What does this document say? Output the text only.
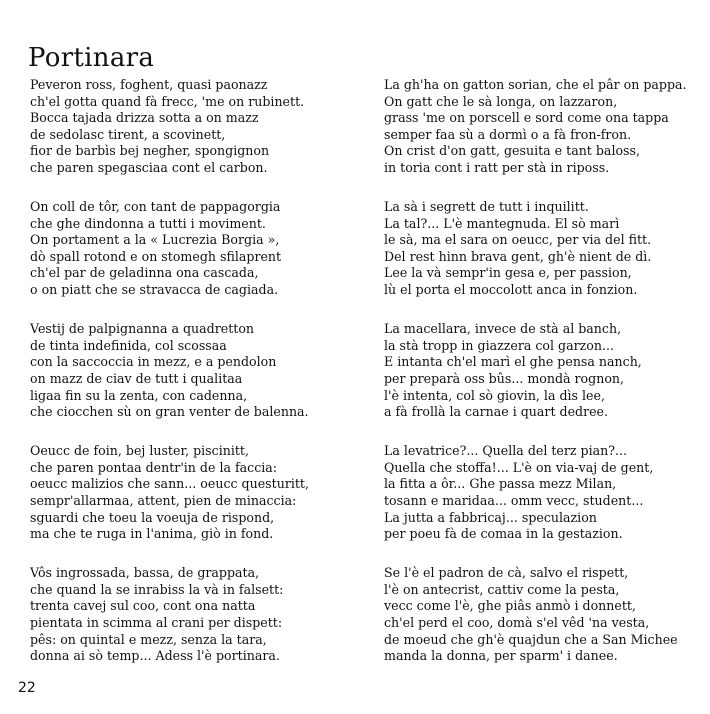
Portinara
Peveron ross, foghent, quasi paonazz
ch'el gotta quand fà frecc, 'me on rubinett.
Bocca tajada drizza sotta a on mazz
de sedolasc tirent, a scovinett,
fior de barbìs bej negher, spongignon
che paren spegasciaa cont el carbon.
On coll de tôr, con tant de pappagorgia
che ghe dindonna a tutti i moviment.
On portament a la « Lucrezia Borgia »,
dò spall rotond e on stomegh sfilaprent
ch'el par de geladinna ona cascada,
o on piatt che se stravacca de cagiada.
Vestij de palpignanna a quadretton
de tinta indefinida, col scossaa
con la saccoccia in mezz, e a pendolon
on mazz de ciav de tutt i qualitaa
ligaa fin su la zenta, con cadenna,
che ciocchen sù on gran venter de balenna.
Oeucc de foin, bej luster, piscinitt,
che paren pontaa dentr'in de la faccia:
oeucc malizios che sann... oeucc questuritt,
sempr'allarmaa, attent, pien de minaccia:
sguardi che toeu la voeuja de rispond,
ma che te ruga in l'anima, giò in fond.
Vôs ingrossada, bassa, de grappata,
che quand la se inrabiss la và in falsett:
trenta cavej sul coo, cont ona natta
pientata in scimma al crani per dispett:
pês: on quintal e mezz, senza la tara,
donna ai sò temp... Adess l'è portinara.
La gh'ha on gatton sorian, che el pâr on pappa.
On gatt che le sà longa, on lazzaron,
grass 'me on porscell e sord come ona tappa
semper faa sù a dormì o a fà fron-fron.
On crist d'on gatt, gesuita e tant baloss,
in toria cont i ratt per stà in riposs.
La sà i segrett de tutt i inquilitt.
La tal?... L'è mantegnuda. El sò marì
le sà, ma el sara on oeucc, per via del fitt.
Del rest hinn brava gent, gh'è nient de dì.
Lee la và sempr'in gesa e, per passion,
lù el porta el moccolott anca in fonzion.
La macellara, invece de stà al banch,
la stà tropp in giazzera col garzon...
E intanta ch'el marì el ghe pensa nanch,
per preparà oss bûs... mondà rognon,
l'è intenta, col sò giovin, la dìs lee,
a fà frollà la carnae i quart dedree.
La levatrice?... Quella del terz pian?...
Quella che stoffa!... L'è on via-vaj de gent,
la fitta a ôr... Ghe passa mezz Milan,
tosann e maridaa... omm vecc, student...
La jutta a fabbricaj... speculazion
per poeu fà de comaa in la gestazion.
Se l'è el padron de cà, salvo el rispett,
l'è on antecrist, cattiv come la pesta,
vecc come l'è, ghe piâs anmò i donnett,
ch'el perd el coo, domà s'el vêd 'na vesta,
de moeud che gh'è quajdun che a San Michee
manda la donna, per sparm' i danee.
22
